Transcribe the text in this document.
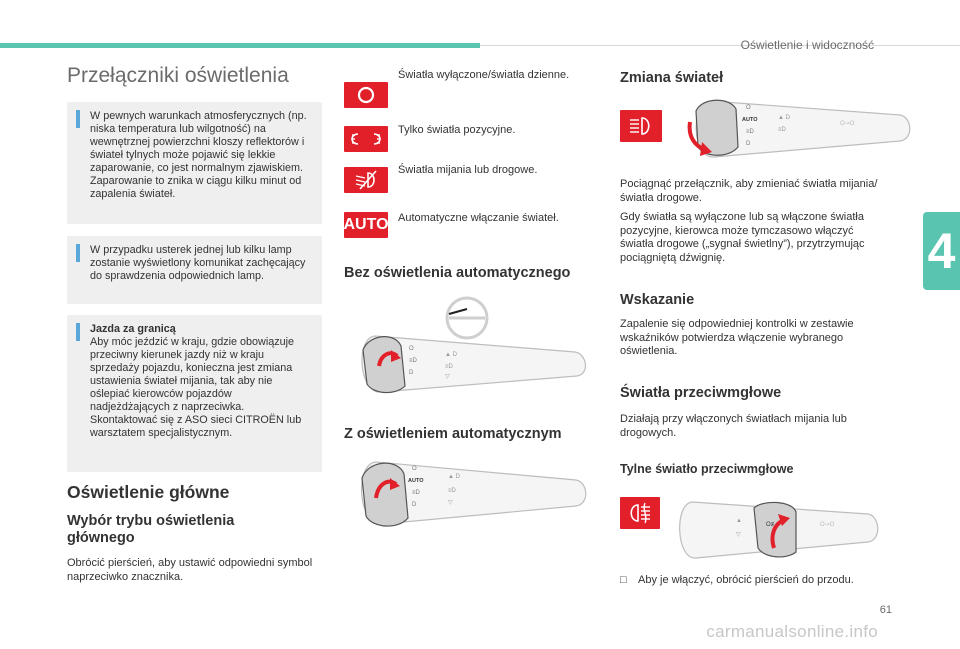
Oświetlenie i widoczność
4
Przełączniki oświetlenia

W pewnych warunkach atmosferycznych (np. niska temperatura lub wilgotność) na wewnętrznej powierzchni kloszy reflektorów i świateł tylnych może pojawić się lekkie zaparowanie, co jest normalnym zjawiskiem. Zaparowanie to znika w ciągu kilku minut od zapalenia świateł.

W przypadku usterek jednej lub kilku lamp zostanie wyświetlony komunikat zachęcający do sprawdzenia odpowiednich lamp.

Jazda za granicą

Aby móc jeździć w kraju, gdzie obowiązuje przeciwny kierunek jazdy niż w kraju sprzedaży pojazdu, konieczna jest zmiana ustawienia świateł mijania, tak aby nie oślepiać kierowców pojazdów nadjeżdżających z naprzeciwka. Skontaktować się z ASO sieci CITROËN lub warsztatem specjalistycznym.

Oświetlenie główne
Wybór trybu oświetlenia
głównego
Obrócić pierścień, aby ustawić odpowiedni symbol naprzeciwko znacznika.
Światła wyłączone/światła dzienne.
Tylko światła pozycyjne.
Światła mijania lub drogowe.
AUTO Automatyczne włączanie świateł.
Bez oświetlenia automatycznego
O
≡D
D
▲ D
≡D
▽
Z oświetleniem automatycznym
O
AUTO
≡D
D
▲ D
≡D
▽
Zmiana świateł
O
AUTO
≡D
D
▲ D
≡D
O⊸O
Pociągnąć przełącznik, aby zmieniać światła mijania/światła drogowe.
Gdy światła są wyłączone lub są włączone światła pozycyjne, kierowca może tymczasowo włączyć światła drogowe („sygnał świetlny”), przytrzymując pociągniętą dźwignię.
Wskazanie
Zapalenie się odpowiedniej kontrolki w zestawie wskaźników potwierdza włączenie wybranego oświetlenia.
Światła przeciwmgłowe
Działają przy włączonych światłach mijania lub drogowych.
Tylne światło przeciwmgłowe
▲
▽
O≢	O⊸O
□	Aby je włączyć, obrócić pierścień do przodu.
61
carmanualsonline.info
